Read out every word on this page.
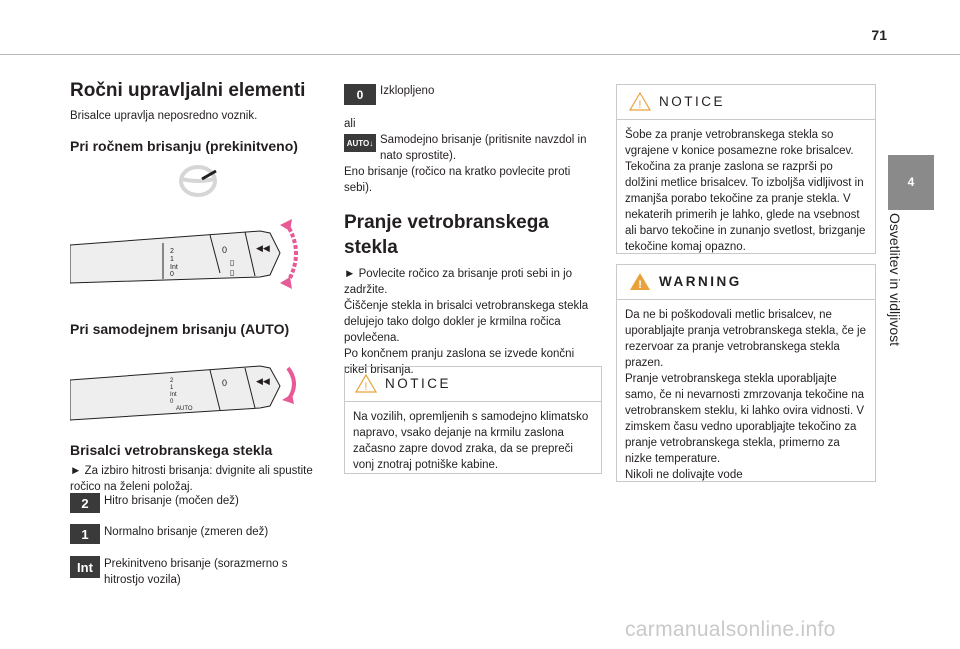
71
Ročni upravljalni elementi
Brisalce upravlja neposredno voznik.
Pri ročnem brisanju (prekinitveno)
2
1
Int
0
0
▯
▯
◀◀
Pri samodejnem brisanju (AUTO)
2
1
Int
0
AUTO
0	◀◀
Brisalci vetrobranskega stekla
► Za izbiro hitrosti brisanja: dvignite ali spustite ročico na želeni položaj.
2	Hitro brisanje (močen dež)
1	Normalno brisanje (zmeren dež)
Int Prekinitveno brisanje (sorazmerno s
hitrostjo vozila)
0	Izklopljeno
ali
AUTO ↓ Samodejno brisanje (pritisnite navzdol in
nato sprostite).
Eno brisanje (ročico na kratko povlecite proti sebi).
Pranje vetrobranskega
stekla
► Povlecite ročico za brisanje proti sebi in jo zadržite.
Čiščenje stekla in brisalci vetrobranskega stekla delujejo tako dolgo dokler je krmilna ročica povlečena.
Po končnem pranju zaslona se izvede končni cikel brisanja.
! NOTICE
Na vozilih, opremljenih s samodejno klimatsko napravo, vsako dejanje na krmilu zaslona začasno zapre dovod zraka, da se prepreči vonj znotraj potniške kabine.
! NOTICE
Šobe za pranje vetrobranskega stekla so vgrajene v konice posamezne roke brisalcev. Tekočina za pranje zaslona se razprši po dolžini metlice brisalcev. To izboljša vidljivost in zmanjša porabo tekočine za pranje stekla. V nekaterih primerih je lahko, glede na vsebnost ali barvo tekočine in zunanjo svetlost, brizganje tekočine komaj opazno.
! WARNING
Da ne bi poškodovali metlic brisalcev, ne uporabljajte pranja vetrobranskega stekla, če je rezervoar za pranje vetrobranskega stekla prazen.
Pranje vetrobranskega stekla uporabljajte samo, če ni nevarnosti zmrzovanja tekočine na vetrobranskem steklu, ki lahko ovira vidnosti. V zimskem času vedno uporabljajte tekočino za pranje vetrobranskega stekla, primerno za nizke temperature.
Nikoli ne dolivajte vode
4
Osvetlitev in vidljivost
carmanualsonline.info
